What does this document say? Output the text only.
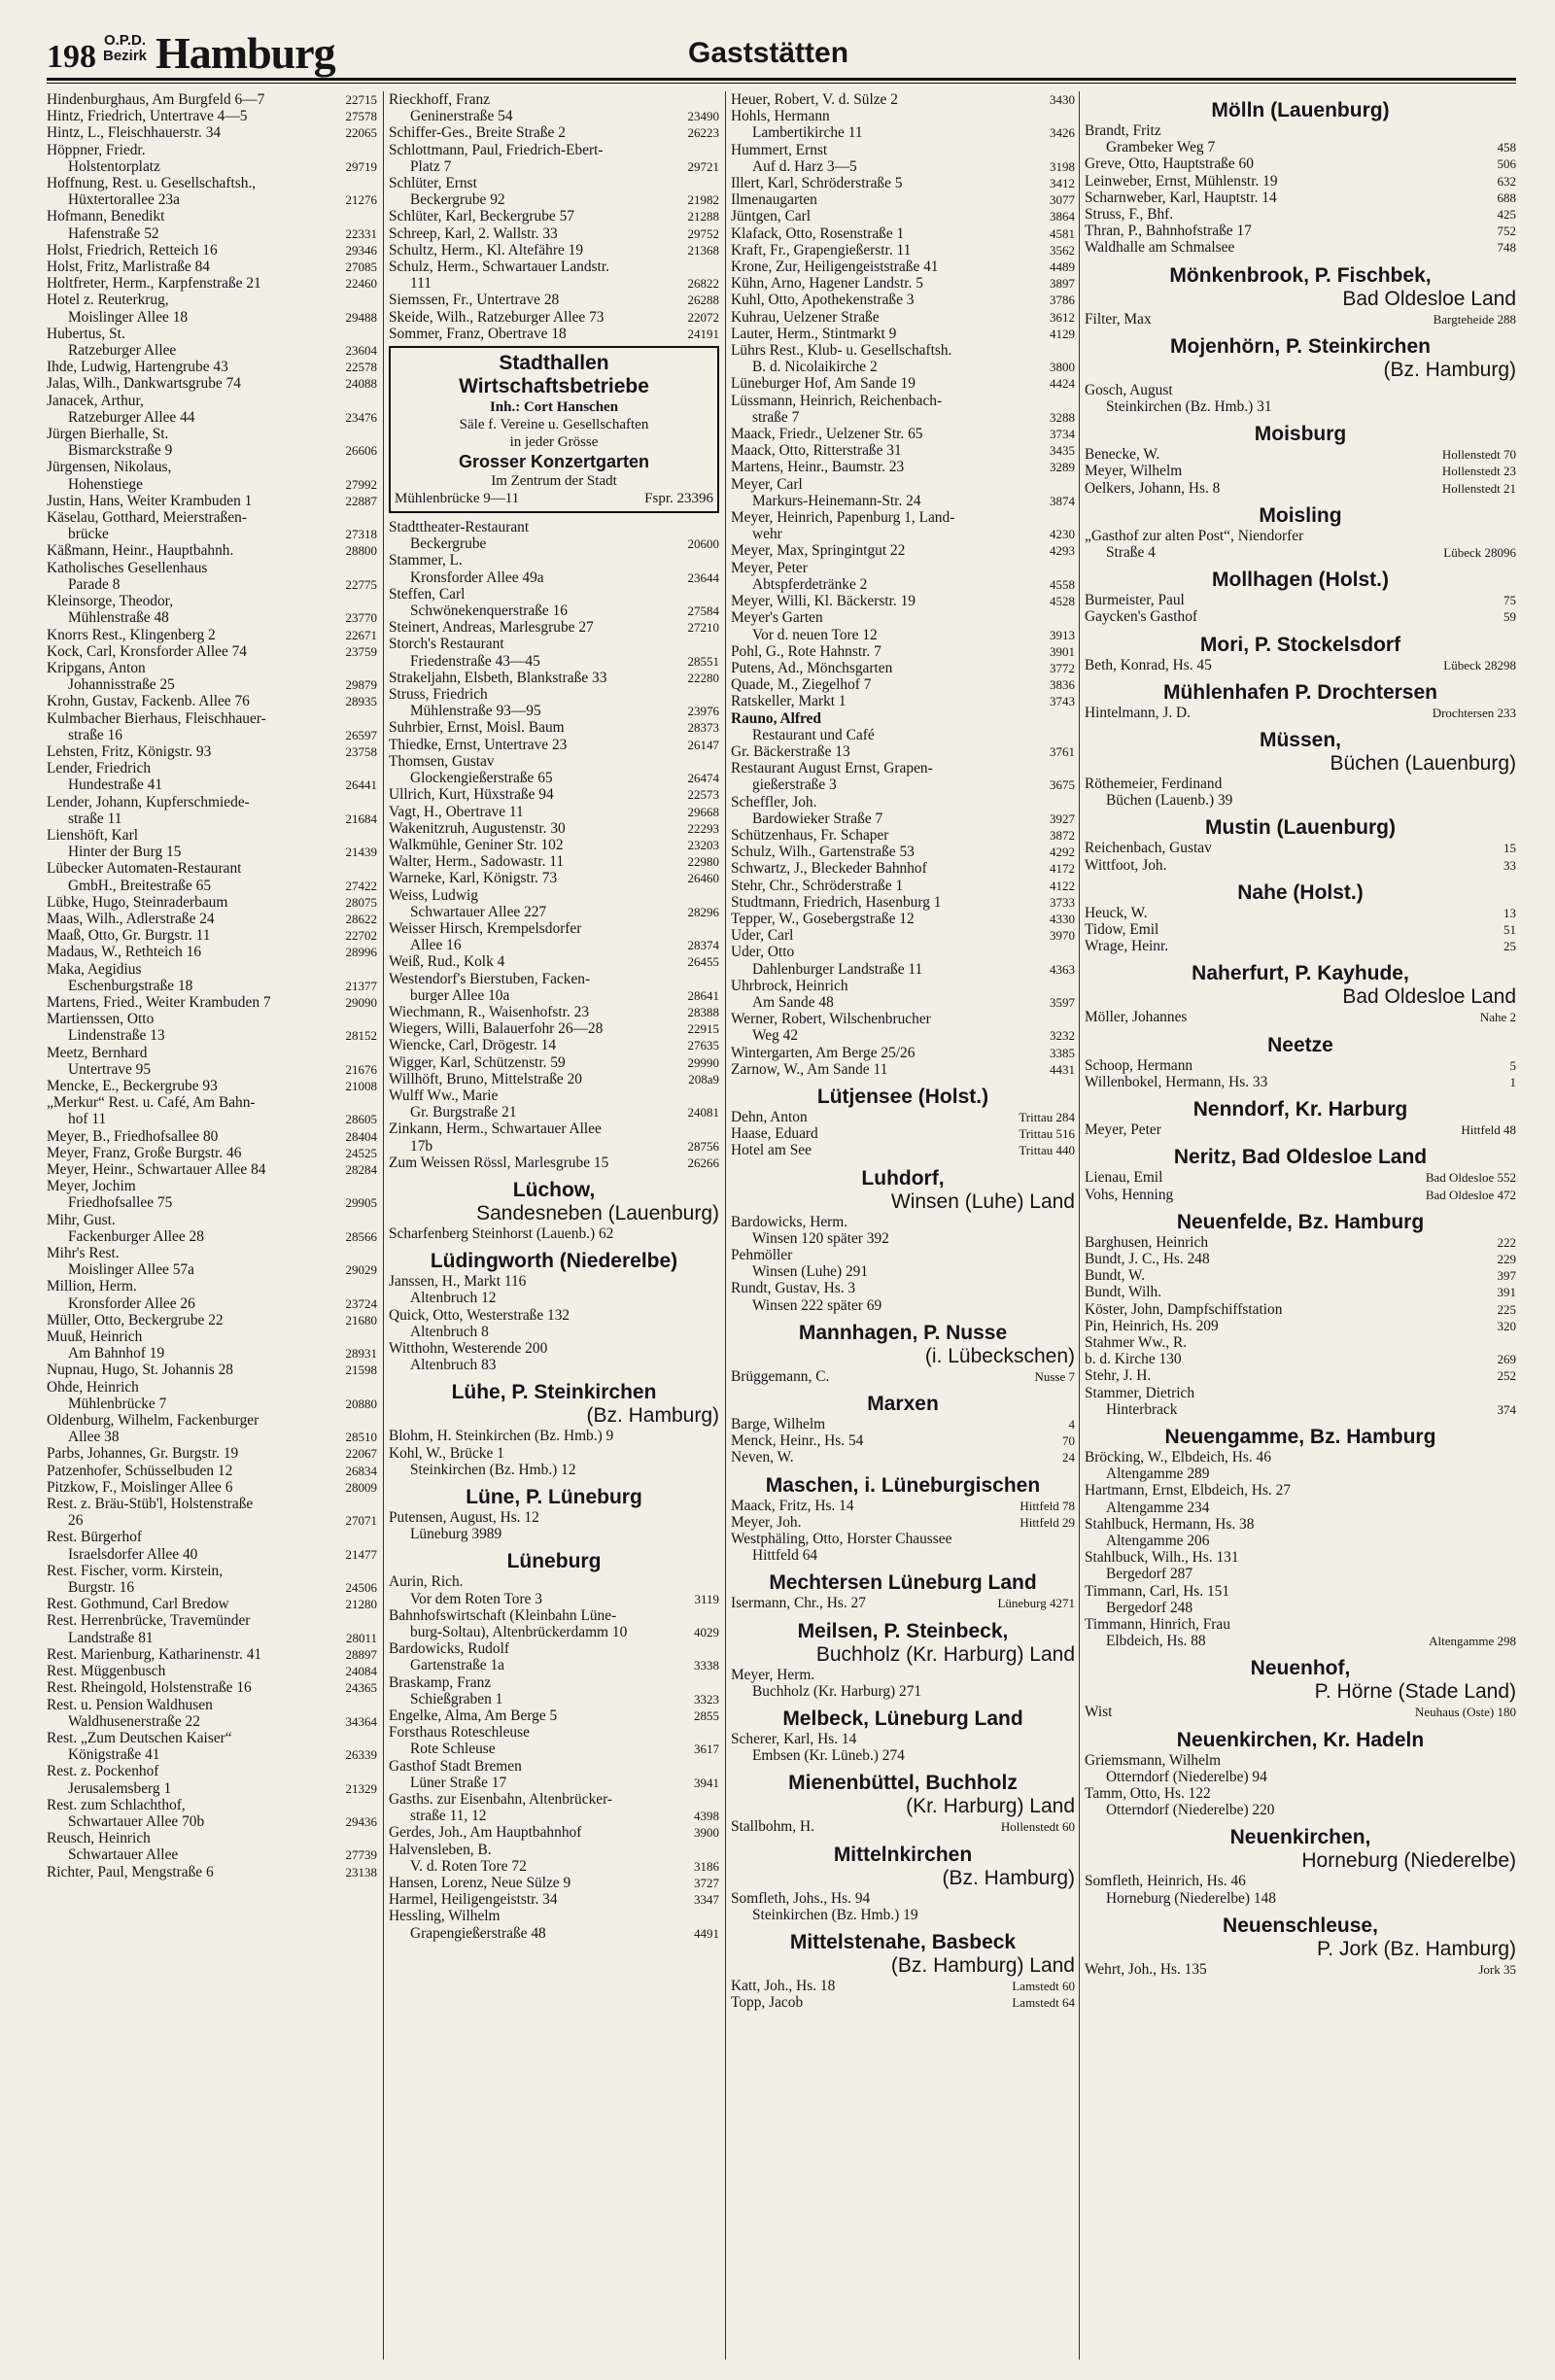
198 O.P.D.
Bezirk Hamburg	Gaststätten
Hindenburghaus, Am Burgfeld 6—7	22715
Hintz, Friedrich, Untertrave 4—5	27578
Hintz, L., Fleischhauerstr. 34	22065
Höppner, Friedr.
Holstentorplatz	29719
Hoffnung, Rest. u. Gesellschaftsh.,
Hüxtertorallee 23a	21276
Hofmann, Benedikt
Hafenstraße 52	22331
Holst, Friedrich, Retteich 16	29346
Holst, Fritz, Marlistraße 84	27085
Holtfreter, Herm., Karpfenstraße 21	22460
Hotel z. Reuterkrug,
Moislinger Allee 18	29488
Hubertus, St.
Ratzeburger Allee	23604
Ihde, Ludwig, Hartengrube 43	22578
Jalas, Wilh., Dankwartsgrube 74	24088
Janacek, Arthur,
Ratzeburger Allee 44	23476
Jürgen Bierhalle, St.
Bismarckstraße 9	26606
Jürgensen, Nikolaus,
Hohenstiege	27992
Justin, Hans, Weiter Krambuden 1	22887
Käselau, Gotthard, Meierstraßen-
brücke	27318
Käßmann, Heinr., Hauptbahnh.	28800
Katholisches Gesellenhaus
Parade 8	22775
Kleinsorge, Theodor,
Mühlenstraße 48	23770
Knorrs Rest., Klingenberg 2	22671
Kock, Carl, Kronsforder Allee 74	23759
Kripgans, Anton
Johannisstraße 25	29879
Krohn, Gustav, Fackenb. Allee 76	28935
Kulmbacher Bierhaus, Fleischhauer-
straße 16	26597
Lehsten, Fritz, Königstr. 93	23758
Lender, Friedrich
Hundestraße 41	26441
Lender, Johann, Kupferschmiede-
straße 11	21684
Lienshöft, Karl
Hinter der Burg 15	21439
Lübecker Automaten-Restaurant
GmbH., Breitestraße 65	27422
Lübke, Hugo, Steinraderbaum	28075
Maas, Wilh., Adlerstraße 24	28622
Maaß, Otto, Gr. Burgstr. 11	22702
Madaus, W., Rethteich 16	28996
Maka, Aegidius
Eschenburgstraße 18	21377
Martens, Fried., Weiter Krambuden 7	29090
Martienssen, Otto
Lindenstraße 13	28152
Meetz, Bernhard
Untertrave 95	21676
Mencke, E., Beckergrube 93	21008
„Merkur“ Rest. u. Café, Am Bahn-
hof 11	28605
Meyer, B., Friedhofsallee 80	28404
Meyer, Franz, Große Burgstr. 46	24525
Meyer, Heinr., Schwartauer Allee 84	28284
Meyer, Jochim
Friedhofsallee 75	29905
Mihr, Gust.
Fackenburger Allee 28	28566
Mihr's Rest.
Moislinger Allee 57a	29029
Million, Herm.
Kronsforder Allee 26	23724
Müller, Otto, Beckergrube 22	21680
Muuß, Heinrich
Am Bahnhof 19	28931
Nupnau, Hugo, St. Johannis 28	21598
Ohde, Heinrich
Mühlenbrücke 7	20880
Oldenburg, Wilhelm, Fackenburger
Allee 38	28510
Parbs, Johannes, Gr. Burgstr. 19	22067
Patzenhofer, Schüsselbuden 12	26834
Pitzkow, F., Moislinger Allee 6	28009
Rest. z. Bräu-Stüb'l, Holstenstraße
26	27071
Rest. Bürgerhof
Israelsdorfer Allee 40	21477
Rest. Fischer, vorm. Kirstein,
Burgstr. 16	24506
Rest. Gothmund, Carl Bredow	21280
Rest. Herrenbrücke, Travemünder
Landstraße 81	28011
Rest. Marienburg, Katharinenstr. 41	28897
Rest. Müggenbusch	24084
Rest. Rheingold, Holstenstraße 16	24365
Rest. u. Pension Waldhusen
Waldhusenerstraße 22	34364
Rest. „Zum Deutschen Kaiser“
Königstraße 41	26339
Rest. z. Pockenhof
Jerusalemsberg 1	21329
Rest. zum Schlachthof,
Schwartauer Allee 70b	29436
Reusch, Heinrich
Schwartauer Allee	27739
Richter, Paul, Mengstraße 6	23138
Rieckhoff, Franz
Geninerstraße 54	23490
Schiffer-Ges., Breite Straße 2	26223
Schlottmann, Paul, Friedrich-Ebert-
Platz 7	29721
Schlüter, Ernst
Beckergrube 92	21982
Schlüter, Karl, Beckergrube 57	21288
Schreep, Karl, 2. Wallstr. 33	29752
Schultz, Herm., Kl. Altefähre 19	21368
Schulz, Herm., Schwartauer Landstr.
111	26822
Siemssen, Fr., Untertrave 28	26288
Skeide, Wilh., Ratzeburger Allee 73	22072
Sommer, Franz, Obertrave 18	24191
Stadthallen
Wirtschaftsbetriebe
Inh.: Cort Hanschen
Säle f. Vereine u. Gesellschaften
in jeder Grösse
Grosser Konzertgarten
Im Zentrum der Stadt
Mühlenbrücke 9—11	Fspr. 23396
Stadttheater-Restaurant
Beckergrube	20600
Stammer, L.
Kronsforder Allee 49a	23644
Steffen, Carl
Schwönekenquerstraße 16	27584
Steinert, Andreas, Marlesgrube 27	27210
Storch's Restaurant
Friedenstraße 43—45	28551
Strakeljahn, Elsbeth, Blankstraße 33	22280
Struss, Friedrich
Mühlenstraße 93—95	23976
Suhrbier, Ernst, Moisl. Baum	28373
Thiedke, Ernst, Untertrave 23	26147
Thomsen, Gustav
Glockengießerstraße 65	26474
Ullrich, Kurt, Hüxstraße 94	22573
Vagt, H., Obertrave 11	29668
Wakenitzruh, Augustenstr. 30	22293
Walkmühle, Geniner Str. 102	23203
Walter, Herm., Sadowastr. 11	22980
Warneke, Karl, Königstr. 73	26460
Weiss, Ludwig
Schwartauer Allee 227	28296
Weisser Hirsch, Krempelsdorfer
Allee 16	28374
Weiß, Rud., Kolk 4	26455
Westendorf's Bierstuben, Facken-
burger Allee 10a	28641
Wiechmann, R., Waisenhofstr. 23	28388
Wiegers, Willi, Balauerfohr 26—28	22915
Wiencke, Carl, Drögestr. 14	27635
Wigger, Karl, Schützenstr. 59	29990
Willhöft, Bruno, Mittelstraße 20	208a9
Wulff Ww., Marie
Gr. Burgstraße 21	24081
Zinkann, Herm., Schwartauer Allee
17b	28756
Zum Weissen Rössl, Marlesgrube 15	26266
Lüchow,
Sandesneben (Lauenburg)
Scharfenberg Steinhorst (Lauenb.) 62
Lüdingworth (Niederelbe)
Janssen, H., Markt 116
Altenbruch 12
Quick, Otto, Westerstraße 132
Altenbruch 8
Witthohn, Westerende 200
Altenbruch 83
Lühe, P. Steinkirchen
(Bz. Hamburg)
Blohm, H. Steinkirchen (Bz. Hmb.) 9
Kohl, W., Brücke 1
Steinkirchen (Bz. Hmb.) 12
Lüne, P. Lüneburg
Putensen, August, Hs. 12
Lüneburg 3989
Lüneburg
Aurin, Rich.
Vor dem Roten Tore 3	3119
Bahnhofswirtschaft (Kleinbahn Lüne-
burg-Soltau), Altenbrückerdamm 10	4029
Bardowicks, Rudolf
Gartenstraße 1a	3338
Braskamp, Franz
Schießgraben 1	3323
Engelke, Alma, Am Berge 5	2855
Forsthaus Roteschleuse
Rote Schleuse	3617
Gasthof Stadt Bremen
Lüner Straße 17	3941
Gasths. zur Eisenbahn, Altenbrücker-
straße 11, 12	4398
Gerdes, Joh., Am Hauptbahnhof	3900
Halvensleben, B.
V. d. Roten Tore 72	3186
Hansen, Lorenz, Neue Sülze 9	3727
Harmel, Heiligengeiststr. 34	3347
Hessling, Wilhelm
Grapengießerstraße 48	4491
Heuer, Robert, V. d. Sülze 2	3430
Hohls, Hermann
Lambertikirche 11	3426
Hummert, Ernst
Auf d. Harz 3—5	3198
Illert, Karl, Schröderstraße 5	3412
Ilmenaugarten	3077
Jüntgen, Carl	3864
Klafack, Otto, Rosenstraße 1	4581
Kraft, Fr., Grapengießerstr. 11	3562
Krone, Zur, Heiligengeiststraße 41	4489
Kühn, Arno, Hagener Landstr. 5	3897
Kuhl, Otto, Apothekenstraße 3	3786
Kuhrau, Uelzener Straße	3612
Lauter, Herm., Stintmarkt 9	4129
Lührs Rest., Klub- u. Gesellschaftsh.
B. d. Nicolaikirche 2	3800
Lüneburger Hof, Am Sande 19	4424
Lüssmann, Heinrich, Reichenbach-
straße 7	3288
Maack, Friedr., Uelzener Str. 65	3734
Maack, Otto, Ritterstraße 31	3435
Martens, Heinr., Baumstr. 23	3289
Meyer, Carl
Markurs-Heinemann-Str. 24	3874
Meyer, Heinrich, Papenburg 1, Land-
wehr	4230
Meyer, Max, Springintgut 22	4293
Meyer, Peter
Abtspferdetränke 2	4558
Meyer, Willi, Kl. Bäckerstr. 19	4528
Meyer's Garten
Vor d. neuen Tore 12	3913
Pohl, G., Rote Hahnstr. 7	3901
Putens, Ad., Mönchsgarten	3772
Quade, M., Ziegelhof 7	3836
Ratskeller, Markt 1	3743
Rauno, Alfred
Restaurant und Café
Gr. Bäckerstraße 13	3761
Restaurant August Ernst, Grapen-
gießerstraße 3	3675
Scheffler, Joh.
Bardowieker Straße 7	3927
Schützenhaus, Fr. Schaper	3872
Schulz, Wilh., Gartenstraße 53	4292
Schwartz, J., Bleckeder Bahnhof	4172
Stehr, Chr., Schröderstraße 1	4122
Studtmann, Friedrich, Hasenburg 1	3733
Tepper, W., Gosebergstraße 12	4330
Uder, Carl	3970
Uder, Otto
Dahlenburger Landstraße 11	4363
Uhrbrock, Heinrich
Am Sande 48	3597
Werner, Robert, Wilschenbrucher
Weg 42	3232
Wintergarten, Am Berge 25/26	3385
Zarnow, W., Am Sande 11	4431
Lütjensee (Holst.)
Dehn, Anton	Trittau 284
Haase, Eduard	Trittau 516
Hotel am See	Trittau 440
Luhdorf,
Winsen (Luhe) Land
Bardowicks, Herm.
Winsen 120 später 392
Pehmöller
Winsen (Luhe) 291
Rundt, Gustav, Hs. 3
Winsen 222 später 69
Mannhagen, P. Nusse
(i. Lübeckschen)
Brüggemann, C.	Nusse 7
Marxen
Barge, Wilhelm	4
Menck, Heinr., Hs. 54	70
Neven, W.	24
Maschen, i. Lüneburgischen
Maack, Fritz, Hs. 14	Hittfeld 78
Meyer, Joh.	Hittfeld 29
Westphäling, Otto, Horster Chaussee
Hittfeld 64
Mechtersen Lüneburg Land
Isermann, Chr., Hs. 27	Lüneburg 4271
Meilsen, P. Steinbeck,
Buchholz (Kr. Harburg) Land
Meyer, Herm.
Buchholz (Kr. Harburg) 271
Melbeck, Lüneburg Land
Scherer, Karl, Hs. 14
Embsen (Kr. Lüneb.) 274
Mienenbüttel, Buchholz
(Kr. Harburg) Land
Stallbohm, H.	Hollenstedt 60
Mittelnkirchen
(Bz. Hamburg)
Somfleth, Johs., Hs. 94
Steinkirchen (Bz. Hmb.) 19
Mittelstenahe, Basbeck
(Bz. Hamburg) Land
Katt, Joh., Hs. 18	Lamstedt 60
Topp, Jacob	Lamstedt 64
Mölln (Lauenburg)
Brandt, Fritz
Grambeker Weg 7	458
Greve, Otto, Hauptstraße 60	506
Leinweber, Ernst, Mühlenstr. 19	632
Scharnweber, Karl, Hauptstr. 14	688
Struss, F., Bhf.	425
Thran, P., Bahnhofstraße 17	752
Waldhalle am Schmalsee	748
Mönkenbrook, P. Fischbek,
Bad Oldesloe Land
Filter, Max	Bargteheide 288
Mojenhörn, P. Steinkirchen
(Bz. Hamburg)
Gosch, August
Steinkirchen (Bz. Hmb.) 31
Moisburg
Benecke, W.	Hollenstedt 70
Meyer, Wilhelm	Hollenstedt 23
Oelkers, Johann, Hs. 8	Hollenstedt 21
Moisling
„Gasthof zur alten Post“, Niendorfer
Straße 4	Lübeck 28096
Mollhagen (Holst.)
Burmeister, Paul	75
Gaycken's Gasthof	59
Mori, P. Stockelsdorf
Beth, Konrad, Hs. 45	Lübeck 28298
Mühlenhafen P. Drochtersen
Hintelmann, J. D.	Drochtersen 233
Müssen,
Büchen (Lauenburg)
Röthemeier, Ferdinand
Büchen (Lauenb.) 39
Mustin (Lauenburg)
Reichenbach, Gustav	15
Wittfoot, Joh.	33
Nahe (Holst.)
Heuck, W.	13
Tidow, Emil	51
Wrage, Heinr.	25
Naherfurt, P. Kayhude,
Bad Oldesloe Land
Möller, Johannes	Nahe 2
Neetze
Schoop, Hermann	5
Willenbokel, Hermann, Hs. 33	1
Nenndorf, Kr. Harburg
Meyer, Peter	Hittfeld 48
Neritz, Bad Oldesloe Land
Lienau, Emil	Bad Oldesloe 552
Vohs, Henning	Bad Oldesloe 472
Neuenfelde, Bz. Hamburg
Barghusen, Heinrich	222
Bundt, J. C., Hs. 248	229
Bundt, W.	397
Bundt, Wilh.	391
Köster, John, Dampfschiffstation	225
Pin, Heinrich, Hs. 209	320
Stahmer Ww., R.
b. d. Kirche 130	269
Stehr, J. H.	252
Stammer, Dietrich
Hinterbrack	374
Neuengamme, Bz. Hamburg
Bröcking, W., Elbdeich, Hs. 46
Altengamme 289
Hartmann, Ernst, Elbdeich, Hs. 27
Altengamme 234
Stahlbuck, Hermann, Hs. 38
Altengamme 206
Stahlbuck, Wilh., Hs. 131
Bergedorf 287
Timmann, Carl, Hs. 151
Bergedorf 248
Timmann, Hinrich, Frau
Elbdeich, Hs. 88	Altengamme 298
Neuenhof,
P. Hörne (Stade Land)
Wist	Neuhaus (Oste) 180
Neuenkirchen, Kr. Hadeln
Griemsmann, Wilhelm
Otterndorf (Niederelbe) 94
Tamm, Otto, Hs. 122
Otterndorf (Niederelbe) 220
Neuenkirchen,
Horneburg (Niederelbe)
Somfleth, Heinrich, Hs. 46
Horneburg (Niederelbe) 148
Neuenschleuse,
P. Jork (Bz. Hamburg)
Wehrt, Joh., Hs. 135	Jork 35
